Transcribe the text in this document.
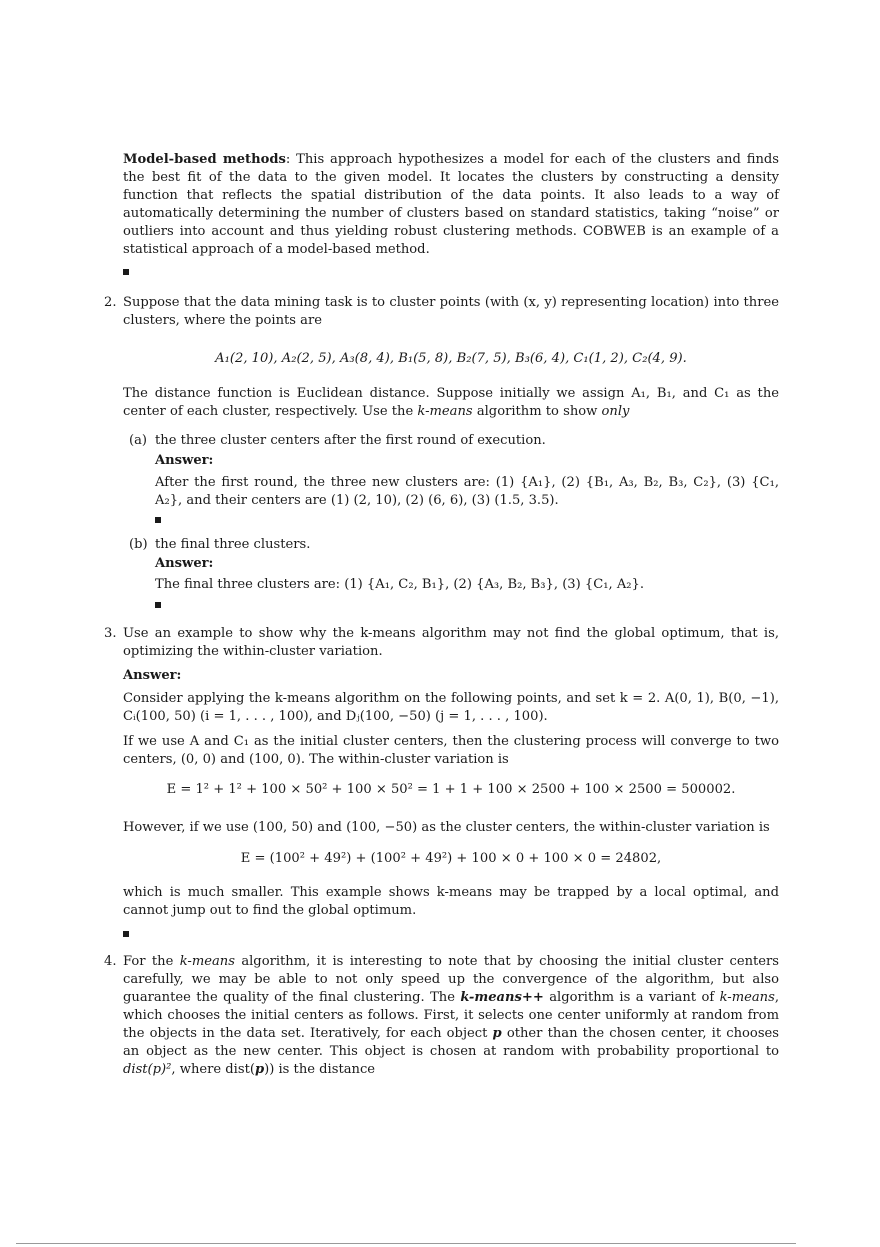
Model-based methods: This approach hypothesizes a model for each of the clusters and finds the best fit of the data to the given model. It locates the clusters by constructing a density function that reflects the spatial distribution of the data points. It also leads to a way of automatically determining the number of clusters based on standard statistics, taking “noise” or outliers into account and thus yielding robust clustering methods. COBWEB is an example of a statistical approach of a model-based method.

2. Suppose that the data mining task is to cluster points (with (x, y) representing location) into three clusters, where the points are

A₁(2, 10), A₂(2, 5), A₃(8, 4), B₁(5, 8), B₂(7, 5), B₃(6, 4), C₁(1, 2), C₂(4, 9).

The distance function is Euclidean distance. Suppose initially we assign A₁, B₁, and C₁ as the center of each cluster, respectively. Use the k-means algorithm to show only

(a) the three cluster centers after the first round of execution.

Answer:

After the first round, the three new clusters are: (1) {A₁}, (2) {B₁, A₃, B₂, B₃, C₂}, (3) {C₁, A₂}, and their centers are (1) (2, 10), (2) (6, 6), (3) (1.5, 3.5).

(b) the final three clusters.

Answer:

The final three clusters are: (1) {A₁, C₂, B₁}, (2) {A₃, B₂, B₃}, (3) {C₁, A₂}.

3. Use an example to show why the k-means algorithm may not find the global optimum, that is, optimizing the within-cluster variation.

Answer:

Consider applying the k-means algorithm on the following points, and set k = 2. A(0, 1), B(0, −1), Cᵢ(100, 50) (i = 1, . . . , 100), and Dⱼ(100, −50) (j = 1, . . . , 100).

If we use A and C₁ as the initial cluster centers, then the clustering process will converge to two centers, (0, 0) and (100, 0). The within-cluster variation is

E = 1² + 1² + 100 × 50² + 100 × 50² = 1 + 1 + 100 × 2500 + 100 × 2500 = 500002.

However, if we use (100, 50) and (100, −50) as the cluster centers, the within-cluster variation is

E = (100² + 49²) + (100² + 49²) + 100 × 0 + 100 × 0 = 24802,

which is much smaller. This example shows k-means may be trapped by a local optimal, and cannot jump out to find the global optimum.

4. For the k-means algorithm, it is interesting to note that by choosing the initial cluster centers carefully, we may be able to not only speed up the convergence of the algorithm, but also guarantee the quality of the final clustering. The k-means++ algorithm is a variant of k-means, which chooses the initial centers as follows. First, it selects one center uniformly at random from the objects in the data set. Iteratively, for each object p other than the chosen center, it chooses an object as the new center. This object is chosen at random with probability proportional to dist(p)², where dist(p)) is the distance
